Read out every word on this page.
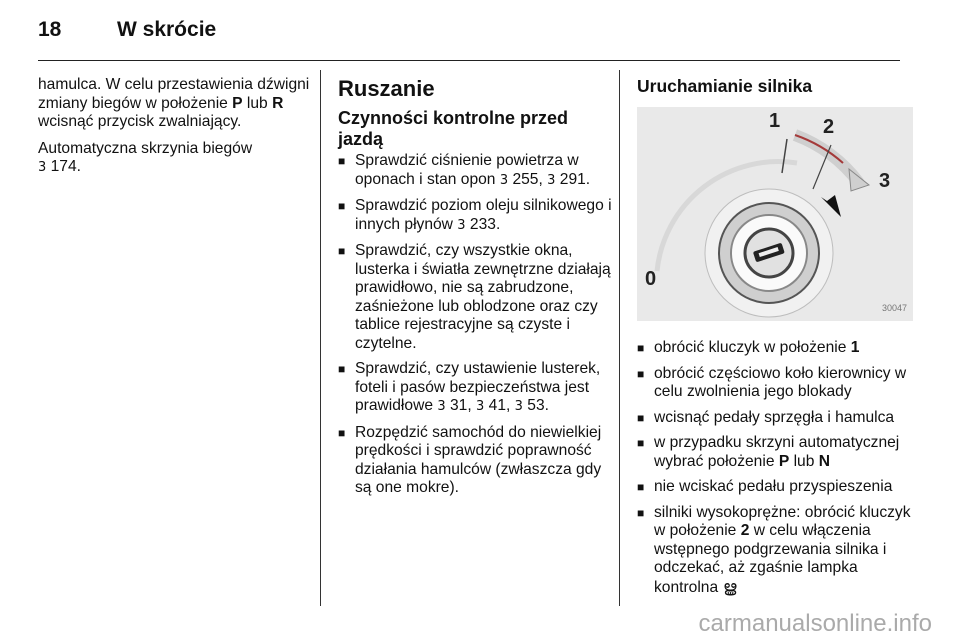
18	W skrócie

hamulca. W celu przestawienia dźwigni zmiany biegów w położenie P lub R wcisnąć przycisk zwalniający.

Automatyczna skrzynia biegów
3 174.

Ruszanie
Czynności kontrolne przed jazdą
■ Sprawdzić ciśnienie powietrza w oponach i stan opon 3 255, 3 291.
■ Sprawdzić poziom oleju silnikowego i innych płynów 3 233.
■ Sprawdzić, czy wszystkie okna, lusterka i światła zewnętrzne działają prawidłowo, nie są zabrudzone, zaśnieżone lub oblodzone oraz czy tablice rejestracyjne są czyste i czytelne.
■ Sprawdzić, czy ustawienie lusterek, foteli i pasów bezpieczeństwa jest prawidłowe 3 31, 3 41, 3 53.
■ Rozpędzić samochód do niewielkiej prędkości i sprawdzić poprawność działania hamulców (zwłaszcza gdy są one mokre).
Uruchamianie silnika
1 2
3
0
30047
■ obrócić kluczyk w położenie 1
■ obrócić częściowo koło kierownicy w celu zwolnienia jego blokady
■ wcisnąć pedały sprzęgła i hamulca
■ w przypadku skrzyni automatycznej wybrać położenie P lub N
■ nie wciskać pedału przyspieszenia
■ silniki wysokoprężne: obrócić kluczyk w położenie 2 w celu włączenia wstępnego podgrzewania silnika i odczekać, aż zgaśnie lampka kontrolna ൠ
carmanualsonline.info
